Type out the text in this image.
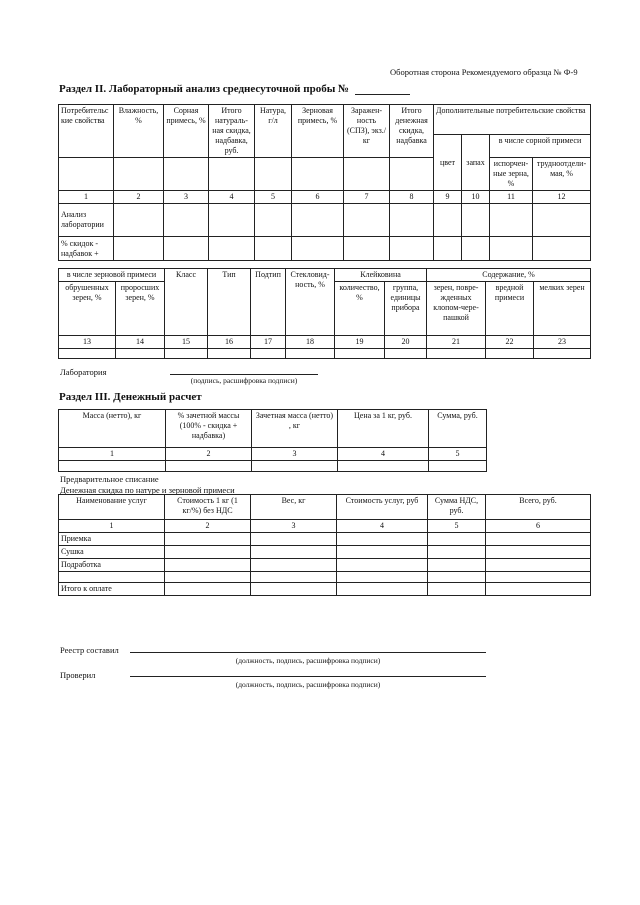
Оборотная сторона Рекомендуемого образца № Ф-9
Раздел II. Лабораторный анализ среднесуточной пробы №
Потребительс кие свойства	Влажность, %	Сорная примесь, %	Итого натураль- ная скидка, надбавка, руб.	Натура, г/л	Зерновая примесь, %	Заражен- ность (СПЗ), экз./кг	Итого денежная скидка, надбавка	Дополнительные потребительские свойства			
								цвет	запах	в числе сорной примеси	
										испорчен- ные зерна, %	трудноотдели- мая, %
1	2	3	4	5	6	7	8	9	10	11	12
Анализ лаборатории											
% скидок - надбавок +											
в числе зерновой примеси		Класс	Тип	Подтип	Стекловид- ность, %	Клейковина		Содержание, %		
обрушенных зерен, %	проросших зерен, %					количество, %	группа, единицы прибора	зерен, повре- жденных клопом-чере- пашкой	вредной примеси	мелких зерен
13	14	15	16	17	18	19	20	21	22	23

Лаборатория
(подпись, расшифровка подписи)
Раздел III. Денежный расчет
Масса (нетто), кг	% зачетной массы (100% - скидка + надбавка)	Зачетная масса (нетто) , кг	Цена за 1 кг, руб.	Сумма, руб.
1	2	3	4	5

Предварительное списание
Денежная скидка по натуре и зерновой примеси
Наименование услуг	Стоимость 1 кг (1 кг/%) без НДС	Вес, кг	Стоимость услуг, руб	Сумма НДС, руб.	Всего, руб.
1	2	3	4	5	6
Приемка					
Сушка					
Подработка					

Итого к оплате					
Реестр составил
(должность, подпись, расшифровка подписи)
Проверил
(должность, подпись, расшифровка подписи)
